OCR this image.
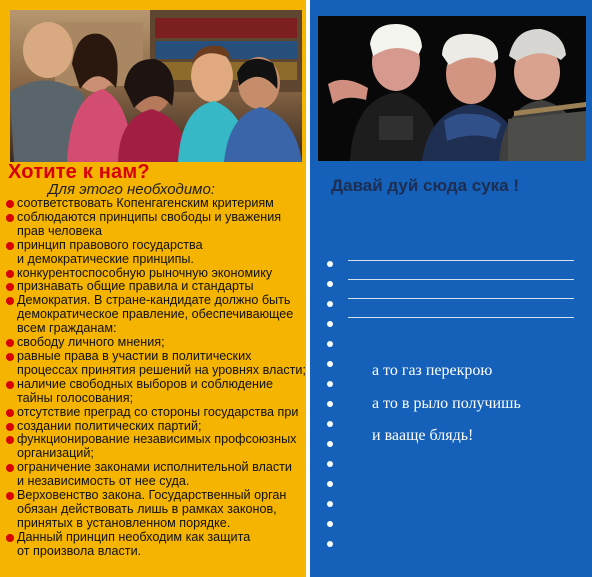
Хотите к нам?
Для этого необходимо:
соответствовать Копенгагенским критериям
соблюдаются принципы свободы и уважения
прав человека
принцип правового государства
и демократические принципы.
конкурентоспособную рыночную экономику
признавать общие правила и стандарты
Демократия. В стране-кандидате должно быть
демократическое правление, обеспечивающее
всем гражданам:
свободу личного мнения;
равные права в участии в политических
процессах принятия решений на уровнях власти;
наличие свободных выборов и соблюдение
тайны голосования;
отсутствие преград со стороны государства при
создании политических партий;
функционирование независимых профсоюзных
организаций;
ограничение законами исполнительной власти
и независимость от нее суда.
Верховенство закона. Государственный орган
обязан действовать лишь в рамках законов,
принятых в установленном порядке.
Данный принцип необходим как защита
от произвола власти.
Давай дуй сюда сука !
а то газ перекрою
а то в рыло получишь
и вааще блядь!
